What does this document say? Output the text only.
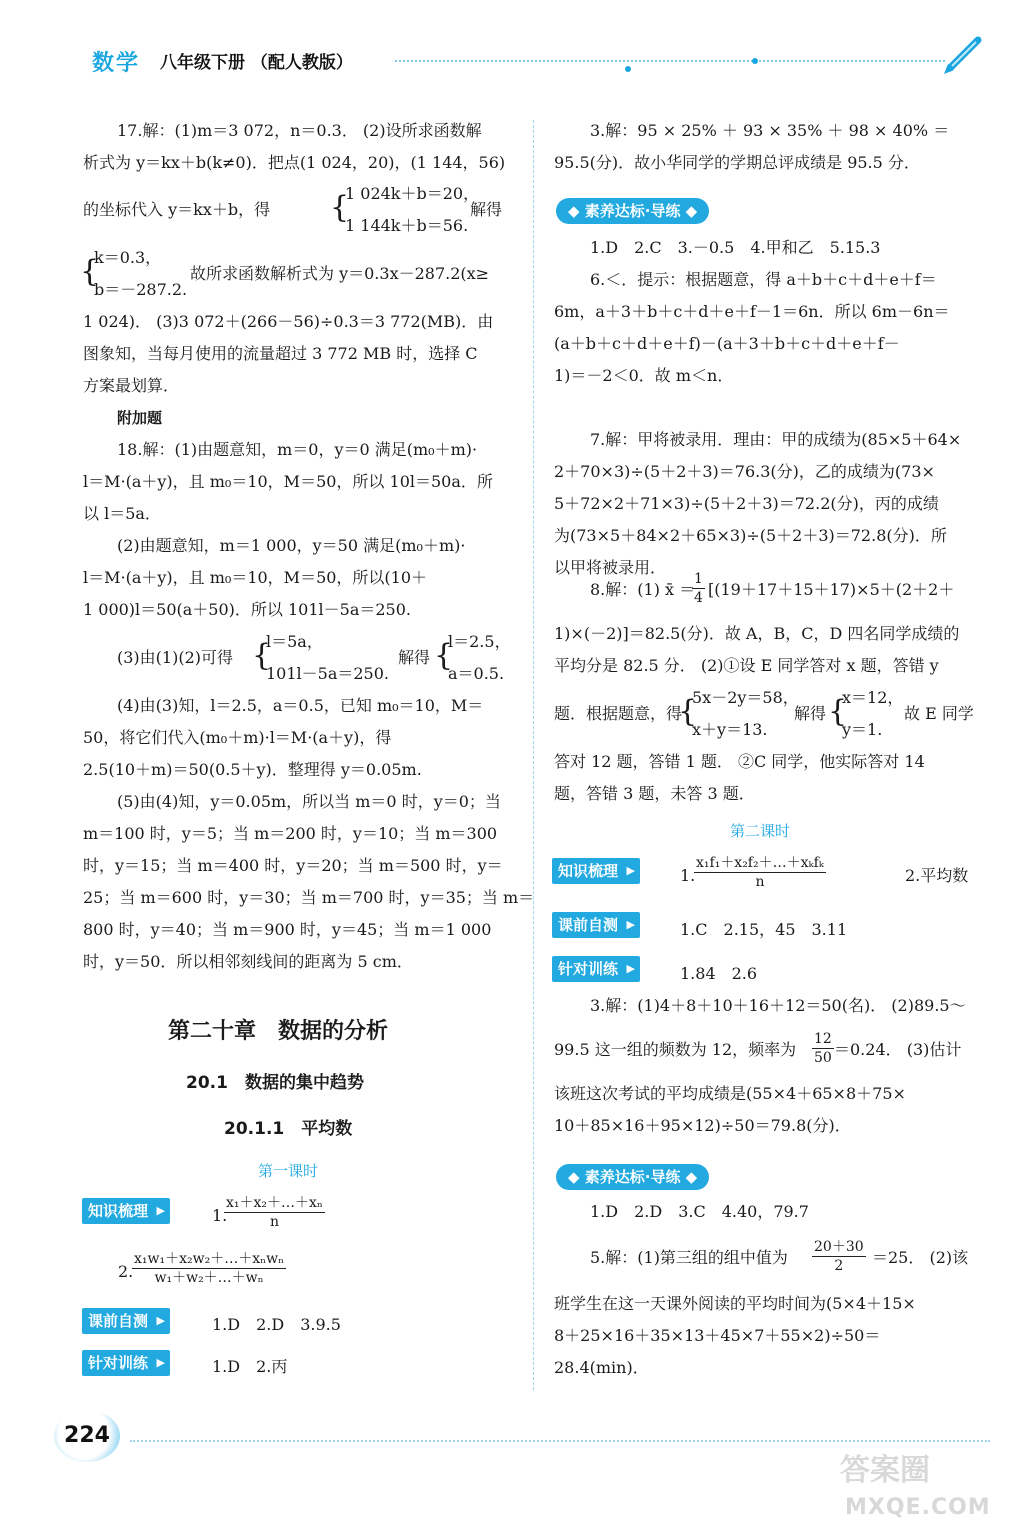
数学 八年级下册 （配人教版）
17.解：(1)m＝3 072，n＝0.3． (2)设所求函数解
析式为 y＝kx＋b(k≠0)．把点(1 024，20)，(1 144，56)
的坐标代入 y＝kx＋b，得 {
1 024k＋b＝20，
1 144k＋b＝56.
解得
{
k＝0.3，
b＝－287.2.
故所求函数解析式为 y＝0.3x－287.2(x≥
1 024)． (3)3 072＋(266－56)÷0.3＝3 772(MB)．由
图象知，当每月使用的流量超过 3 772 MB 时，选择 C
方案最划算．
附加题
18.解：(1)由题意知，m＝0，y＝0 满足(m₀＋m)·
l＝M·(a＋y)，且 m₀＝10，M＝50，所以 10l＝50a．所
以 l＝5a．
(2)由题意知，m＝1 000，y＝50 满足(m₀＋m)·
l＝M·(a＋y)，且 m₀＝10，M＝50，所以(10＋
1 000)l＝50(a＋50)．所以 101l－5a＝250.
(3)由(1)(2)可得 {
l＝5a，
101l－5a＝250.
解得 {
l＝2.5，
a＝0.5.
(4)由(3)知，l＝2.5，a＝0.5，已知 m₀＝10，M＝
50，将它们代入(m₀＋m)·l＝M·(a＋y)，得
2.5(10＋m)＝50(0.5＋y)．整理得 y＝0.05m.
(5)由(4)知，y＝0.05m，所以当 m＝0 时，y＝0；当
m＝100 时，y＝5；当 m＝200 时，y＝10；当 m＝300
时，y＝15；当 m＝400 时，y＝20；当 m＝500 时，y＝
25；当 m＝600 时，y＝30；当 m＝700 时，y＝35；当 m＝
800 时，y＝40；当 m＝900 时，y＝45；当 m＝1 000
时，y＝50．所以相邻刻线间的距离为 5 cm．
第二十章　数据的分析
20.1　数据的集中趋势
20.1.1　平均数
第一课时
知识梳理 ▶	1.
$\frac{\text{x₁＋x₂＋…＋xₙ}}{n}$
2.
x₁w₁＋x₂w₂＋…＋xₙwₙ
w₁＋w₂＋…＋wₙ
课前自测 ▶	1.D　2.D　3.9.5
针对训练 ▶	1.D　2.丙
3.解：95 × 25% ＋ 93 × 35% ＋ 98 × 40% ＝
95.5(分)．故小华同学的学期总评成绩是 95.5 分．
◆ 素养达标·导练 ◆
1.D　2.C　3.－0.5　4.甲和乙　5.15.3
6.＜．提示：根据题意，得 a＋b＋c＋d＋e＋f＝
6m，a＋3＋b＋c＋d＋e＋f－1＝6n．所以 6m－6n＝
(a＋b＋c＋d＋e＋f)－(a＋3＋b＋c＋d＋e＋f－
1)＝－2＜0．故 m＜n．
7.解：甲将被录用．理由：甲的成绩为(85×5＋64×
2＋70×3)÷(5＋2＋3)＝76.3(分)，乙的成绩为(73×
5＋72×2＋71×3)÷(5＋2＋3)＝72.2(分)，丙的成绩
为(73×5＋84×2＋65×3)÷(5＋2＋3)＝72.8(分)．所
以甲将被录用．
8.解：(1) x̄ ＝
$\frac{1}{4} [(19+17+15+17)\times 5+(2+2+$
1)×(－2)]＝82.5(分)．故 A，B，C，D 四名同学成绩的
平均分是 82.5 分． (2)①设 E 同学答对 x 题，答错 y
题．根据题意，得
{
5x－2y＝58，
x＋y＝13.
解得 {
x＝12，
y＝1.
故 E 同学
答对 12 题，答错 1 题． ②C 同学，他实际答对 14
题，答错 3 题，未答 3 题．
第二课时
知识梳理 ▶	1.
x₁f₁＋x₂f₂＋…＋xₖfₖ
n	2.平均数
课前自测 ▶	1.C　2.15，45　3.11
针对训练 ▶	1.84　2.6
3.解：(1)4＋8＋10＋16＋12＝50(名)． (2)89.5～
99.5 这一组的频数为 12，频率为 $\frac{12}{50} =0.24$． (3)估计
该班这次考试的平均成绩是(55×4＋65×8＋75×
10＋85×16＋95×12)÷50＝79.8(分)．
◆ 素养达标·导练 ◆
1.D　2.D　3.C　4.40，79.7
5.解：(1)第三组的组中值为 $\frac{20+30}{2} =25$． (2)该
班学生在这一天课外阅读的平均时间为(5×4＋15×
8＋25×16＋35×13＋45×7＋55×2)÷50＝
28.4(min)．
224
答案圈
MXQE.COM
